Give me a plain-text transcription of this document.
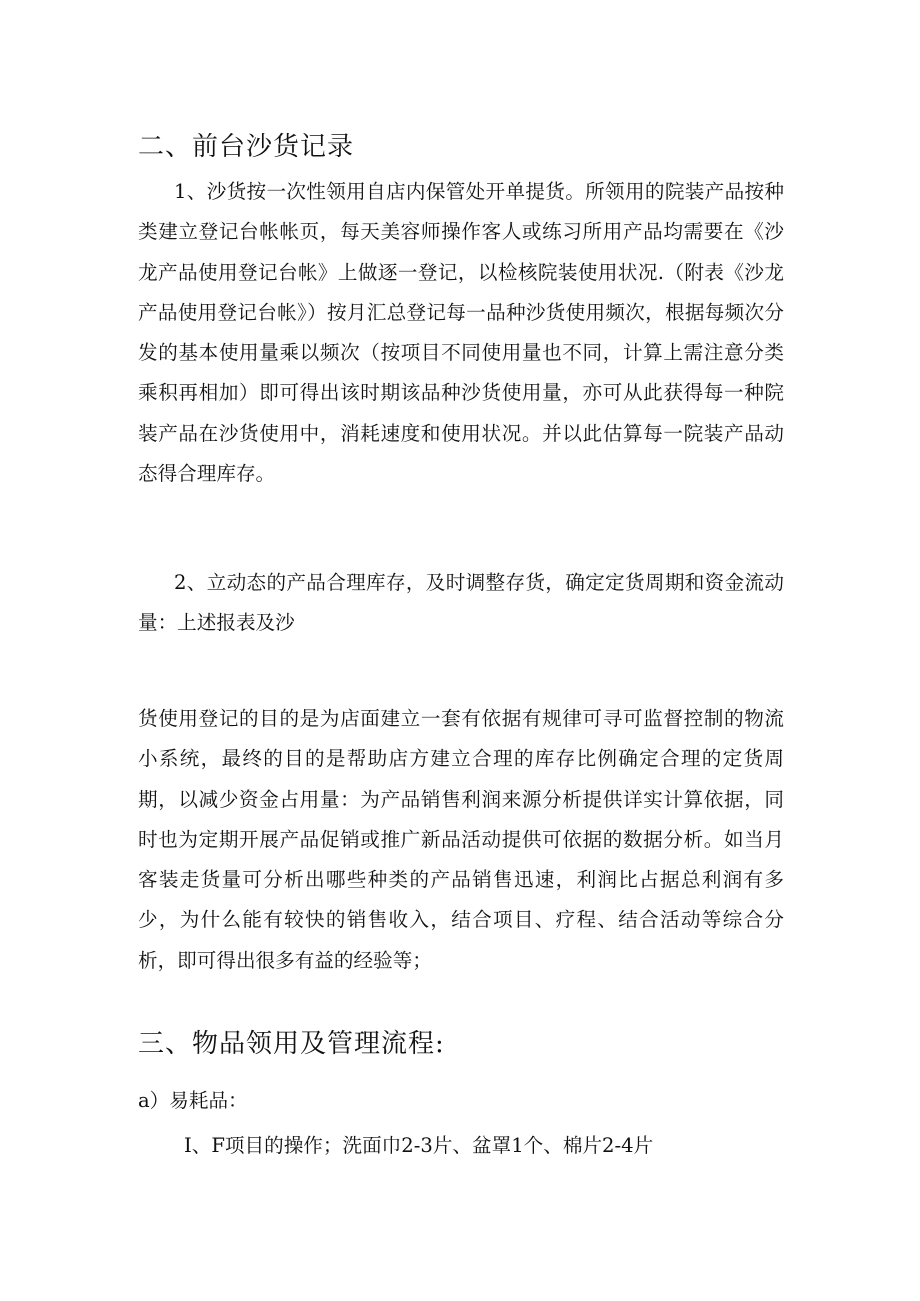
二、前台沙货记录
1、沙货按一次性领用自店内保管处开单提货。所领用的院装产品按种类建立登记台帐帐页，每天美容师操作客人或练习所用产品均需要在《沙龙产品使用登记台帐》上做逐一登记，以检核院装使用状况.（附表《沙龙产品使用登记台帐》）按月汇总登记每一品种沙货使用频次，根据每频次分发的基本使用量乘以频次（按项目不同使用量也不同，计算上需注意分类乘积再相加）即可得出该时期该品种沙货使用量，亦可从此获得每一种院装产品在沙货使用中，消耗速度和使用状况。并以此估算每一院装产品动态得合理库存。
2、立动态的产品合理库存，及时调整存货，确定定货周期和资金流动量：上述报表及沙
货使用登记的目的是为店面建立一套有依据有规律可寻可监督控制的物流小系统，最终的目的是帮助店方建立合理的库存比例确定合理的定货周期，以减少资金占用量：为产品销售利润来源分析提供详实计算依据，同时也为定期开展产品促销或推广新品活动提供可依据的数据分析。如当月客装走货量可分析出哪些种类的产品销售迅速，利润比占据总利润有多少，为什么能有较快的销售收入，结合项目、疗程、结合活动等综合分析，即可得出很多有益的经验等；
三、物品领用及管理流程:
a）易耗品：
I、F项目的操作；洗面巾2-3片、盆罩1个、棉片2-4片
